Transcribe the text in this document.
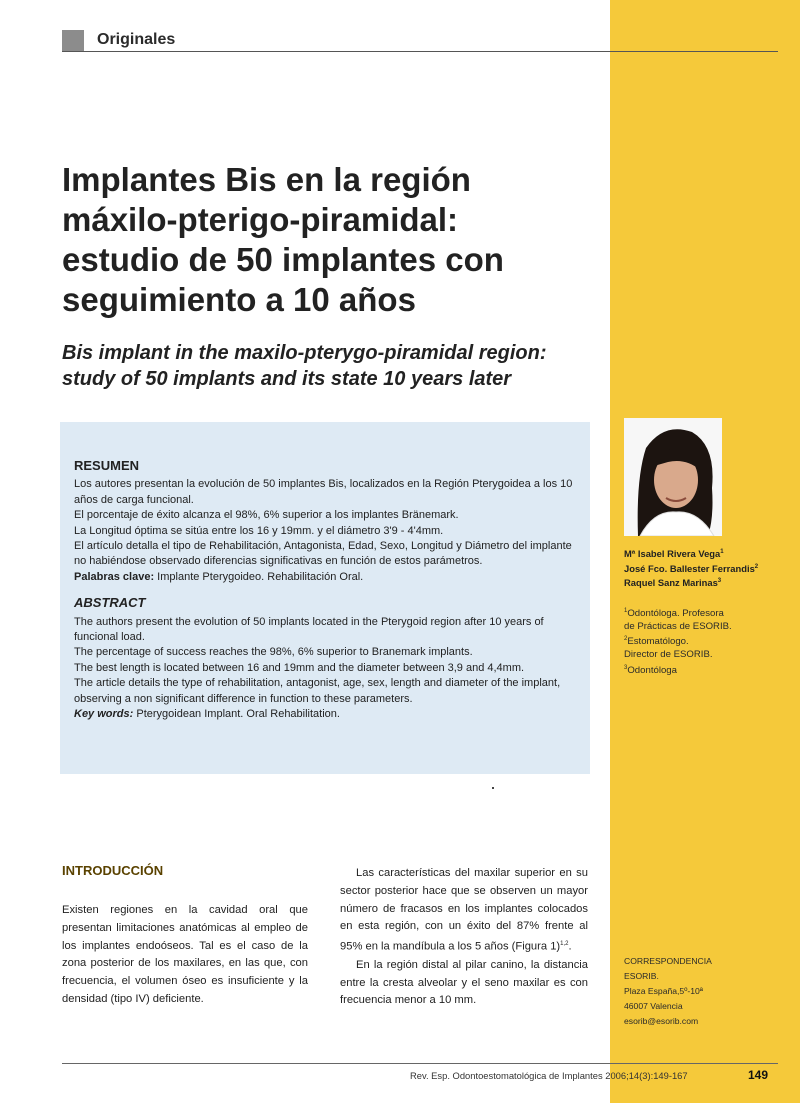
Originales
Implantes Bis en la región máxilo-pterigo-piramidal: estudio de 50 implantes con seguimiento a 10 años
Bis implant in the maxilo-pterygo-piramidal region: study of 50 implants and its state 10 years later
RESUMEN

Los autores presentan la evolución de 50 implantes Bis, localizados en la Región Pterygoidea a los 10 años de carga funcional.

El porcentaje de éxito alcanza el 98%, 6% superior a los implantes Bränemark.

La Longitud óptima se sitúa entre los 16 y 19mm. y el diámetro 3'9 - 4'4mm.

El artículo detalla el tipo de Rehabilitación, Antagonista, Edad, Sexo, Longitud y Diámetro del implante no habiéndose observado diferencias significativas en función de estos parámetros.

Palabras clave: Implante Pterygoideo. Rehabilitación Oral.

ABSTRACT

The authors present the evolution of 50 implants located in the Pterygoid region after 10 years of funcional load.

The percentage of success reaches the 98%, 6% superior to Branemark implants.

The best length is located between 16 and 19mm and the diameter between 3,9 and 4,4mm.

The article details the type of rehabilitation, antagonist, age, sex, length and diameter of the implant, observing a non significant difference in function to these parameters.

Key words: Pterygoidean Implant. Oral Rehabilitation.

Mª Isabel Rivera Vega$^1$
José Fco. Ballester Ferrandis$^2$
Raquel Sanz Marinas$^3$
$^1$Odontóloga. Profesora
de Prácticas de ESORIB.
$^2$Estomatólogo.
Director de ESORIB.
$^3$Odontóloga
CORRESPONDENCIA
ESORIB.
Plaza España,5º-10ª
46007 Valencia
esorib@esorib.com
INTRODUCCIÓN

Existen regiones en la cavidad oral que presentan limitaciones anatómicas al empleo de los implantes endoóseos. Tal es el caso de la zona posterior de los maxilares, en las que, con frecuencia, el volumen óseo es insuficiente y la densidad (tipo IV) deficiente.

Las características del maxilar superior en su sector posterior hace que se observen un mayor número de fracasos en los implantes colocados en esta región, con un éxito del 87% frente al 95% en la mandíbula a los 5 años (Figura 1)$^{1,2}$.

En la región distal al pilar canino, la distancia entre la cresta alveolar y el seno maxilar es con frecuencia menor a 10 mm.

Rev. Esp. Odontoestomatológica de Implantes 2006;14(3):149-167	149
